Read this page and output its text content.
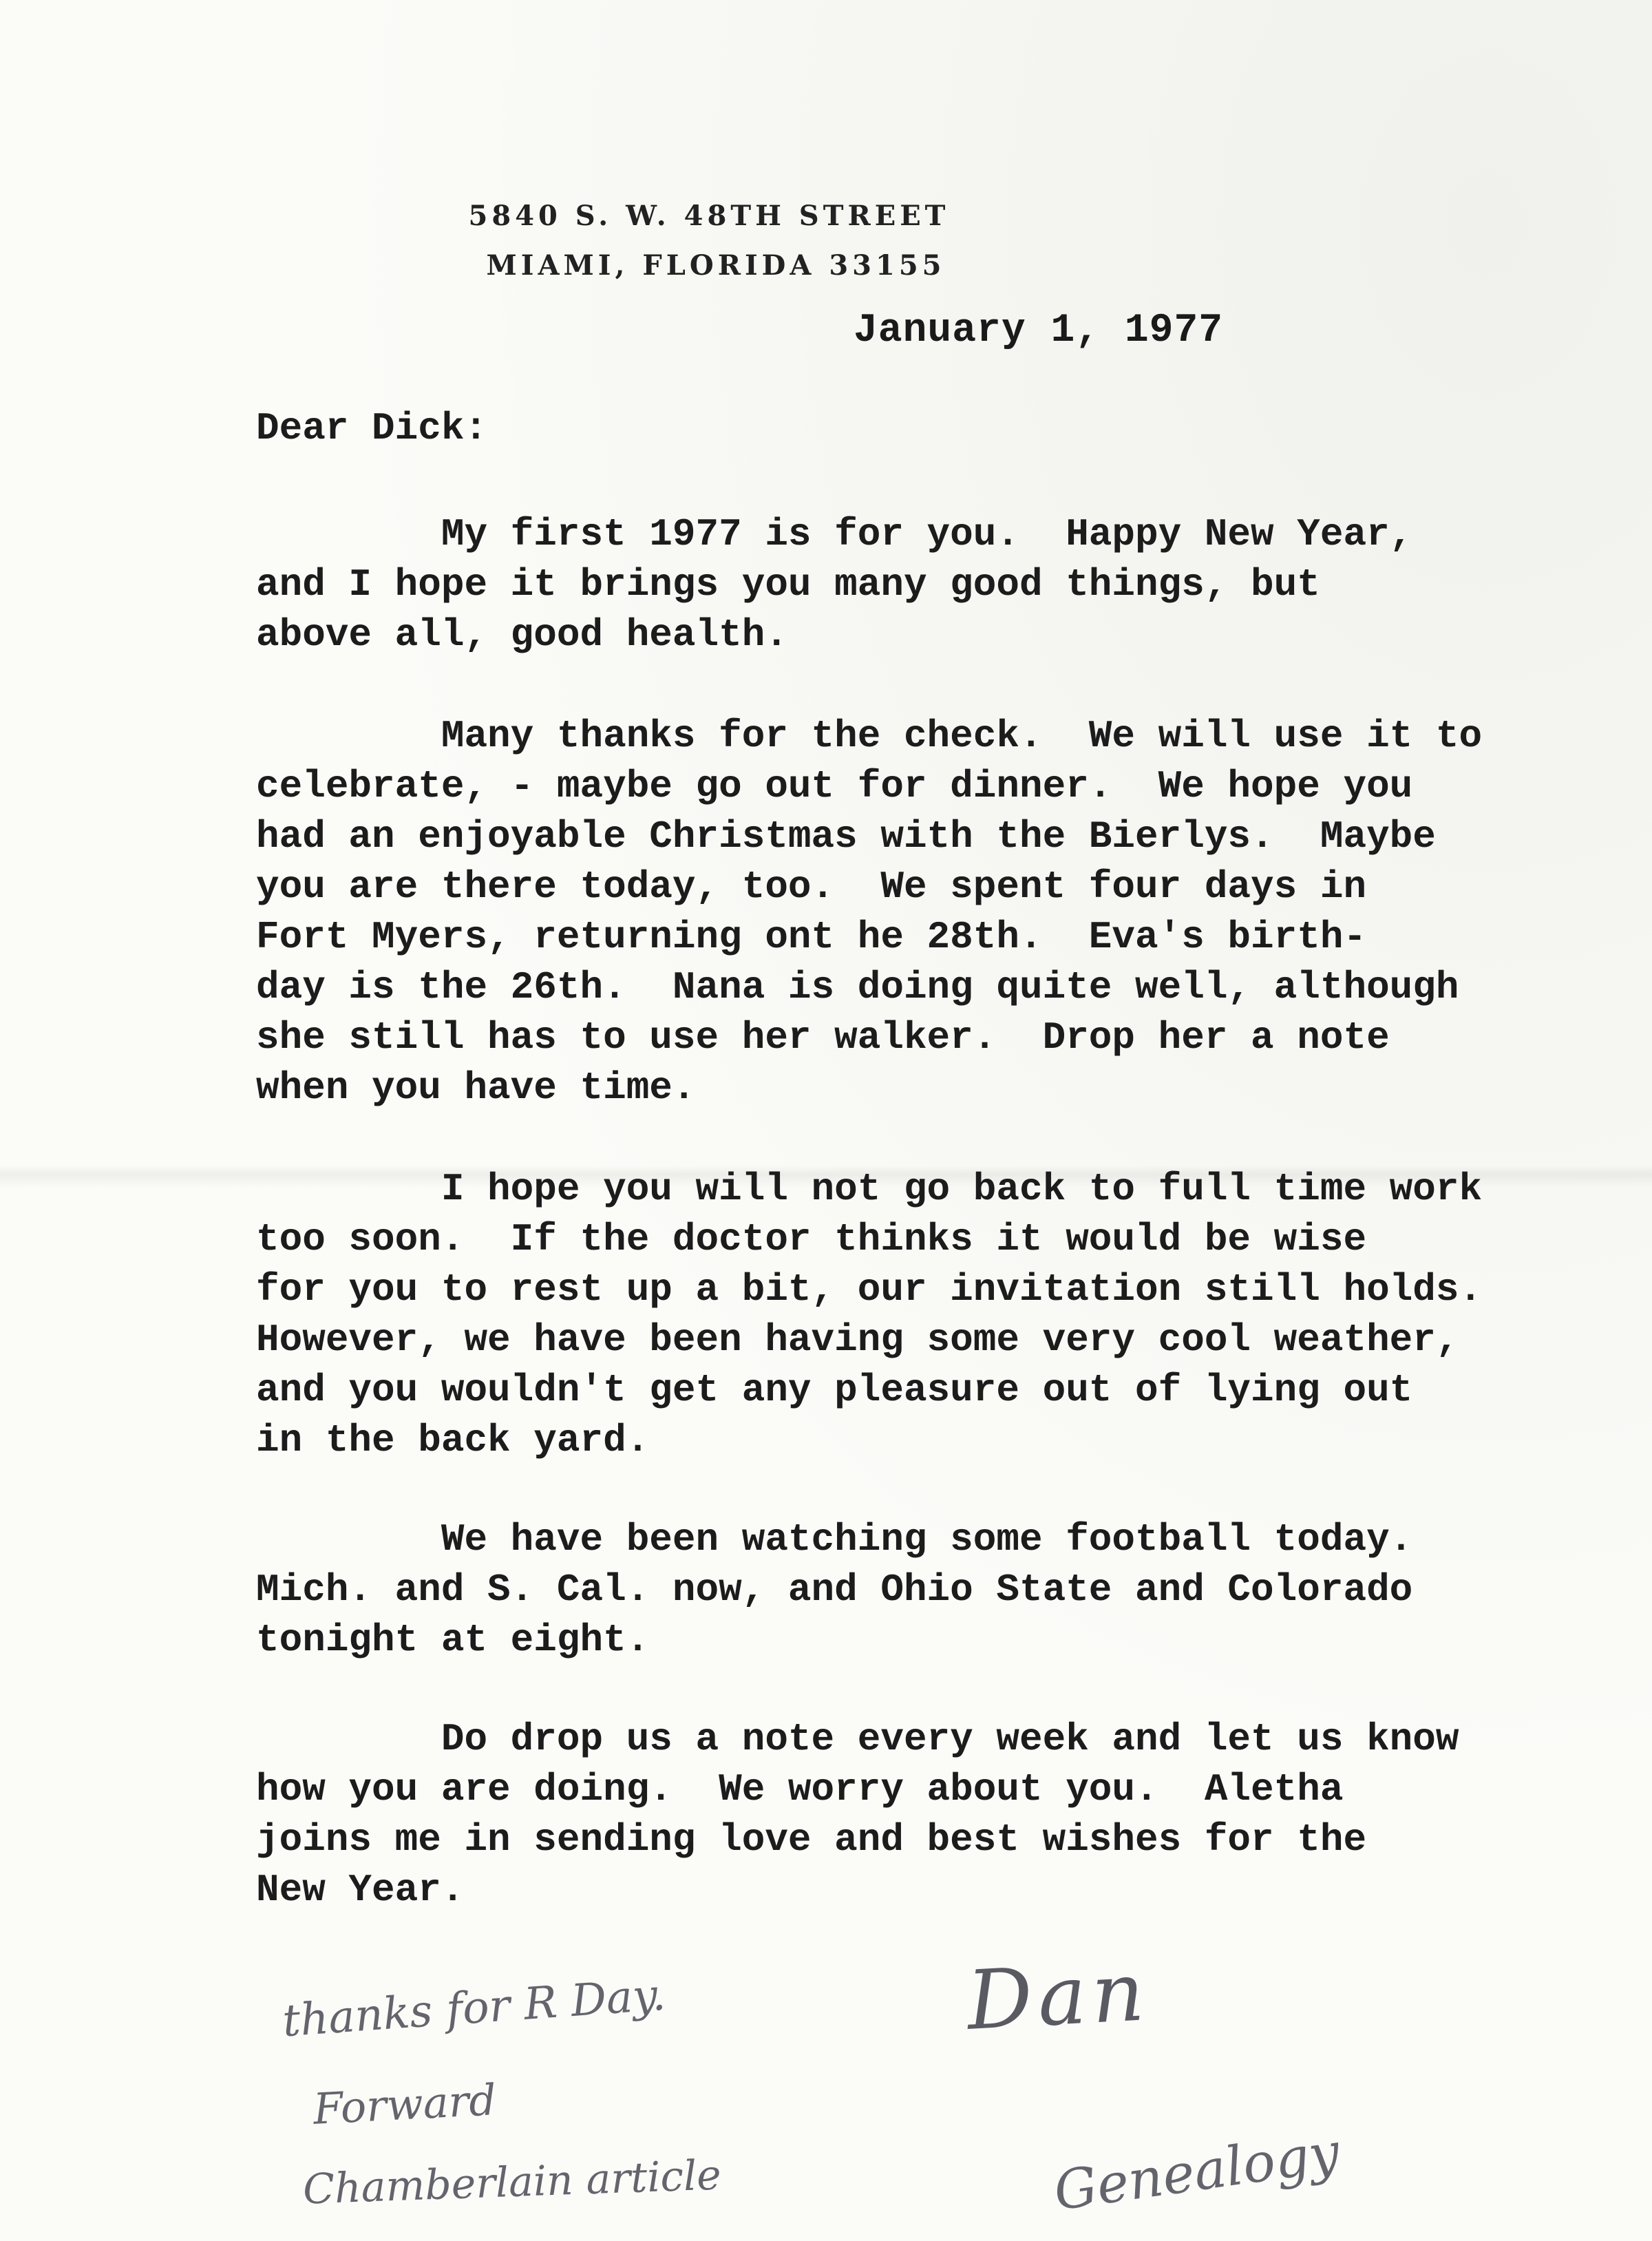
5840 S. W. 48TH STREET
MIAMI, FLORIDA 33155
January 1, 1977
Dear Dick:

My first 1977 is for you.  Happy New Year,
and I hope it brings you many good things, but
above all, good health.

Many thanks for the check.  We will use it to
celebrate, - maybe go out for dinner.  We hope you
had an enjoyable Christmas with the Bierlys.  Maybe
you are there today, too.  We spent four days in
Fort Myers, returning ont he 28th.  Eva's birth-
day is the 26th.  Nana is doing quite well, although
she still has to use her walker.  Drop her a note
when you have time.

I hope you will not go back to full time work
too soon.  If the doctor thinks it would be wise
for you to rest up a bit, our invitation still holds.
However, we have been having some very cool weather,
and you wouldn't get any pleasure out of lying out
in the back yard.

We have been watching some football today.
Mich. and S. Cal. now, and Ohio State and Colorado
tonight at eight.

Do drop us a note every week and let us know
how you are doing.  We worry about you.  Aletha
joins me in sending love and best wishes for the
New Year.

Dan
thanks for R Day.
Forward
Chamberlain article	Genealogy
